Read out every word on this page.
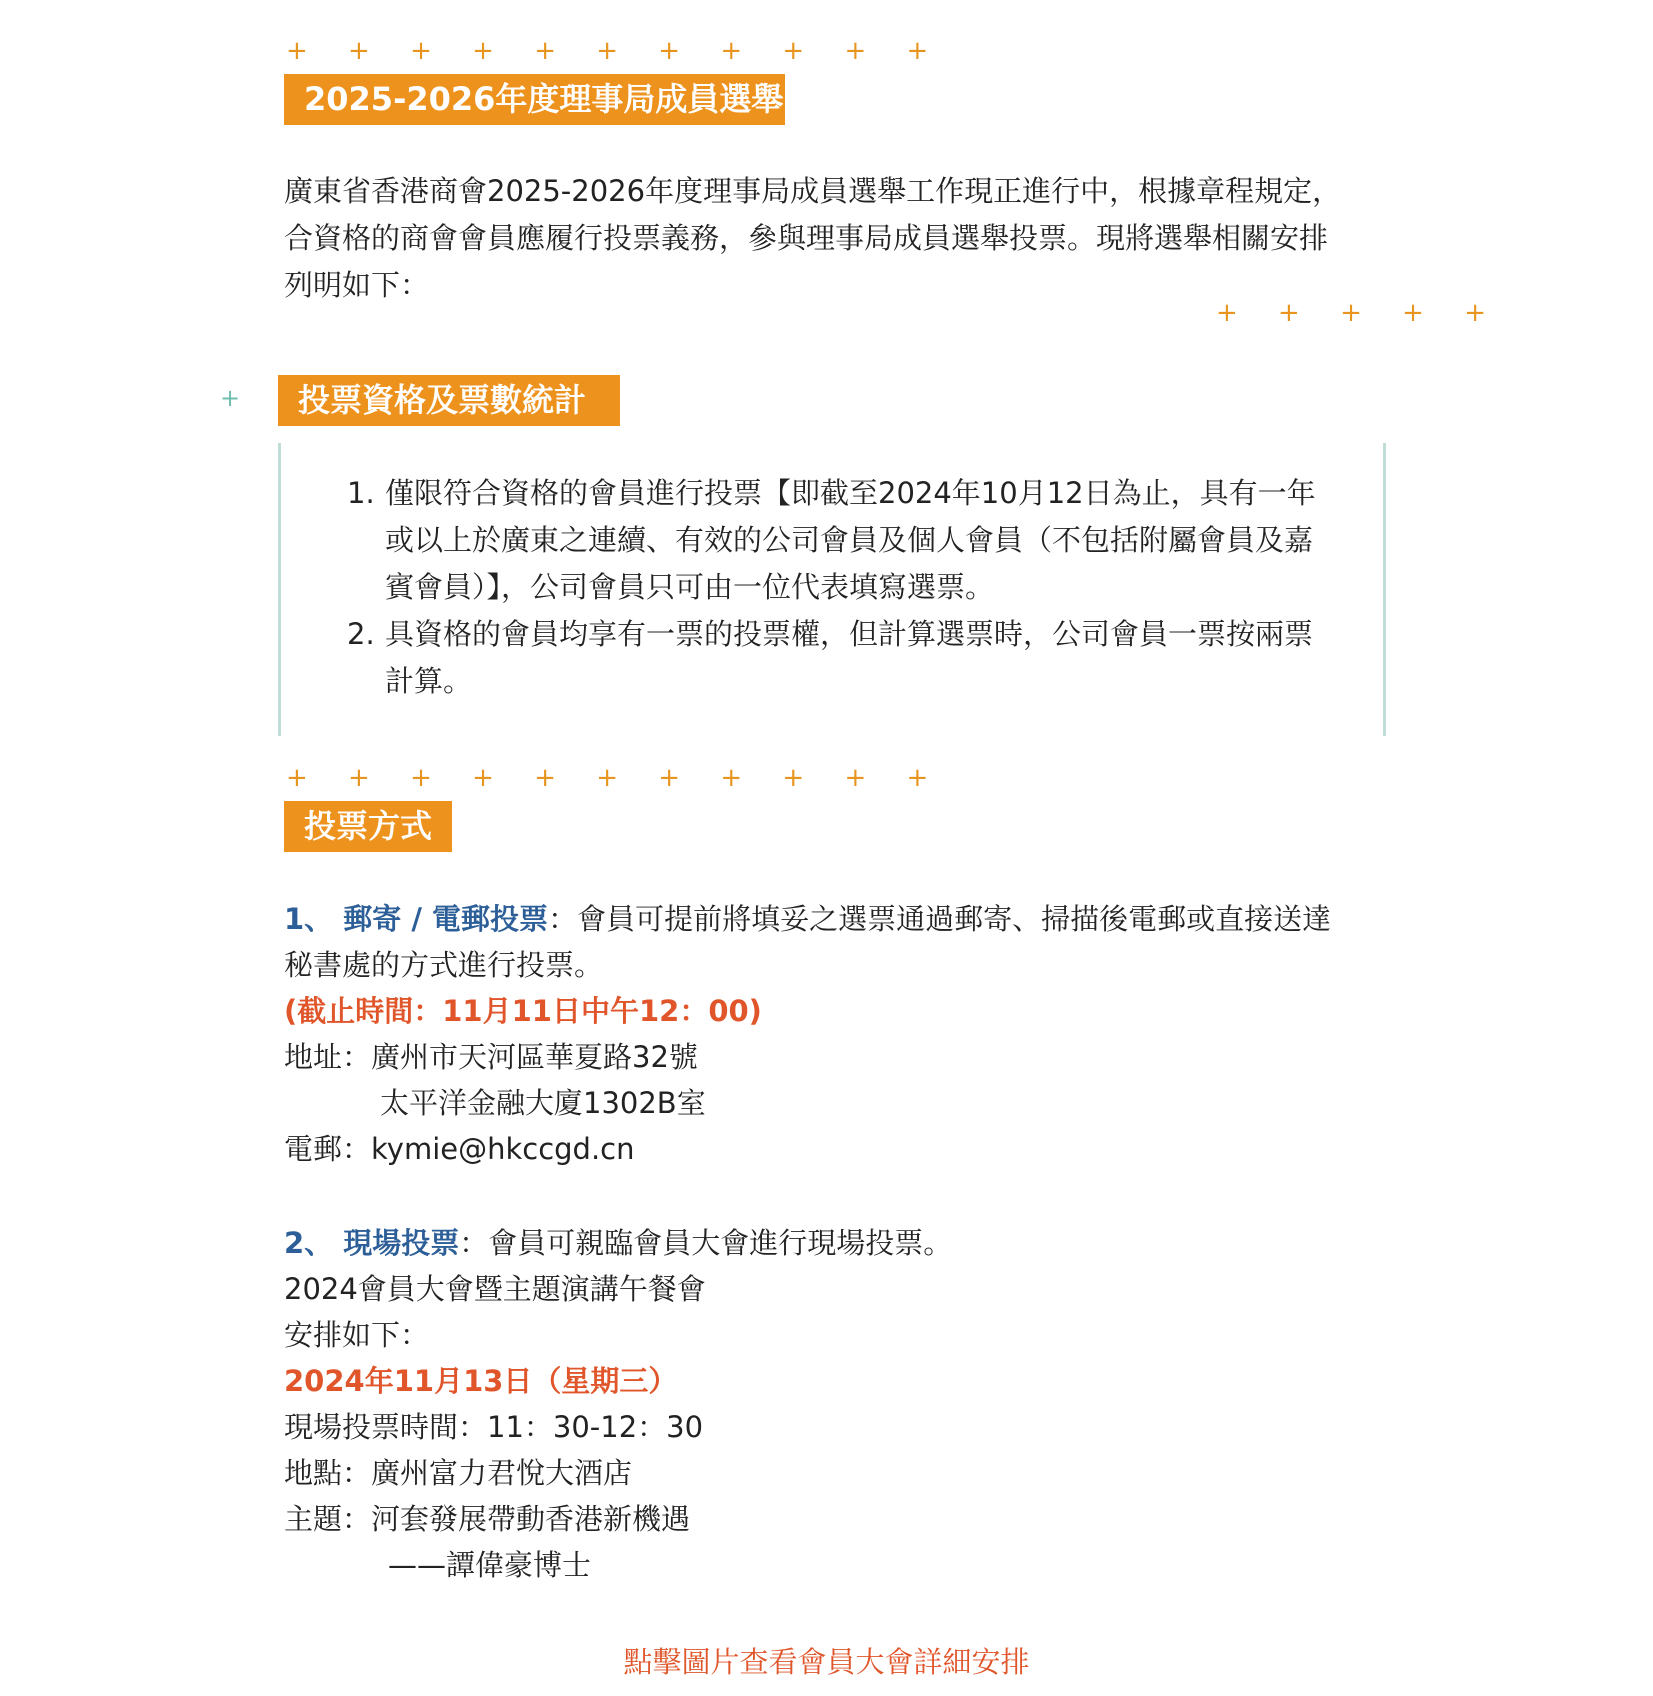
+ + + + + + + + + + +
2025-2026年度理事局成員選舉
廣東省香港商會2025-2026年度理事局成員選舉工作現正進行中，根據章程規定，
合資格的商會會員應履行投票義務，參與理事局成員選舉投票。現將選舉相關安排
列明如下：
+ + + + +
+	投票資格及票數統計
1. 僅限符合資格的會員進行投票【即截至2024年10月12日為止，具有一年
或以上於廣東之連續、有效的公司會員及個人會員（不包括附屬會員及嘉
賓會員）】，公司會員只可由一位代表填寫選票。
2. 具資格的會員均享有一票的投票權，但計算選票時，公司會員一票按兩票
計算。
+ + + + + + + + + + +
投票方式
1、 郵寄 / 電郵投票：會員可提前將填妥之選票通過郵寄、掃描後電郵或直接送達
秘書處的方式進行投票。
(截止時間：11月11日中午12：00)
地址：廣州市天河區華夏路32號
太平洋金融大廈1302B室
電郵：kymie@hkccgd.cn
2、 現場投票：會員可親臨會員大會進行現場投票。
2024會員大會暨主題演講午餐會
安排如下：
2024年11月13日（星期三）
現場投票時間：11：30-12：30
地點：廣州富力君悅大酒店
主題：河套發展帶動香港新機遇
——譚偉豪博士
點擊圖片查看會員大會詳細安排
